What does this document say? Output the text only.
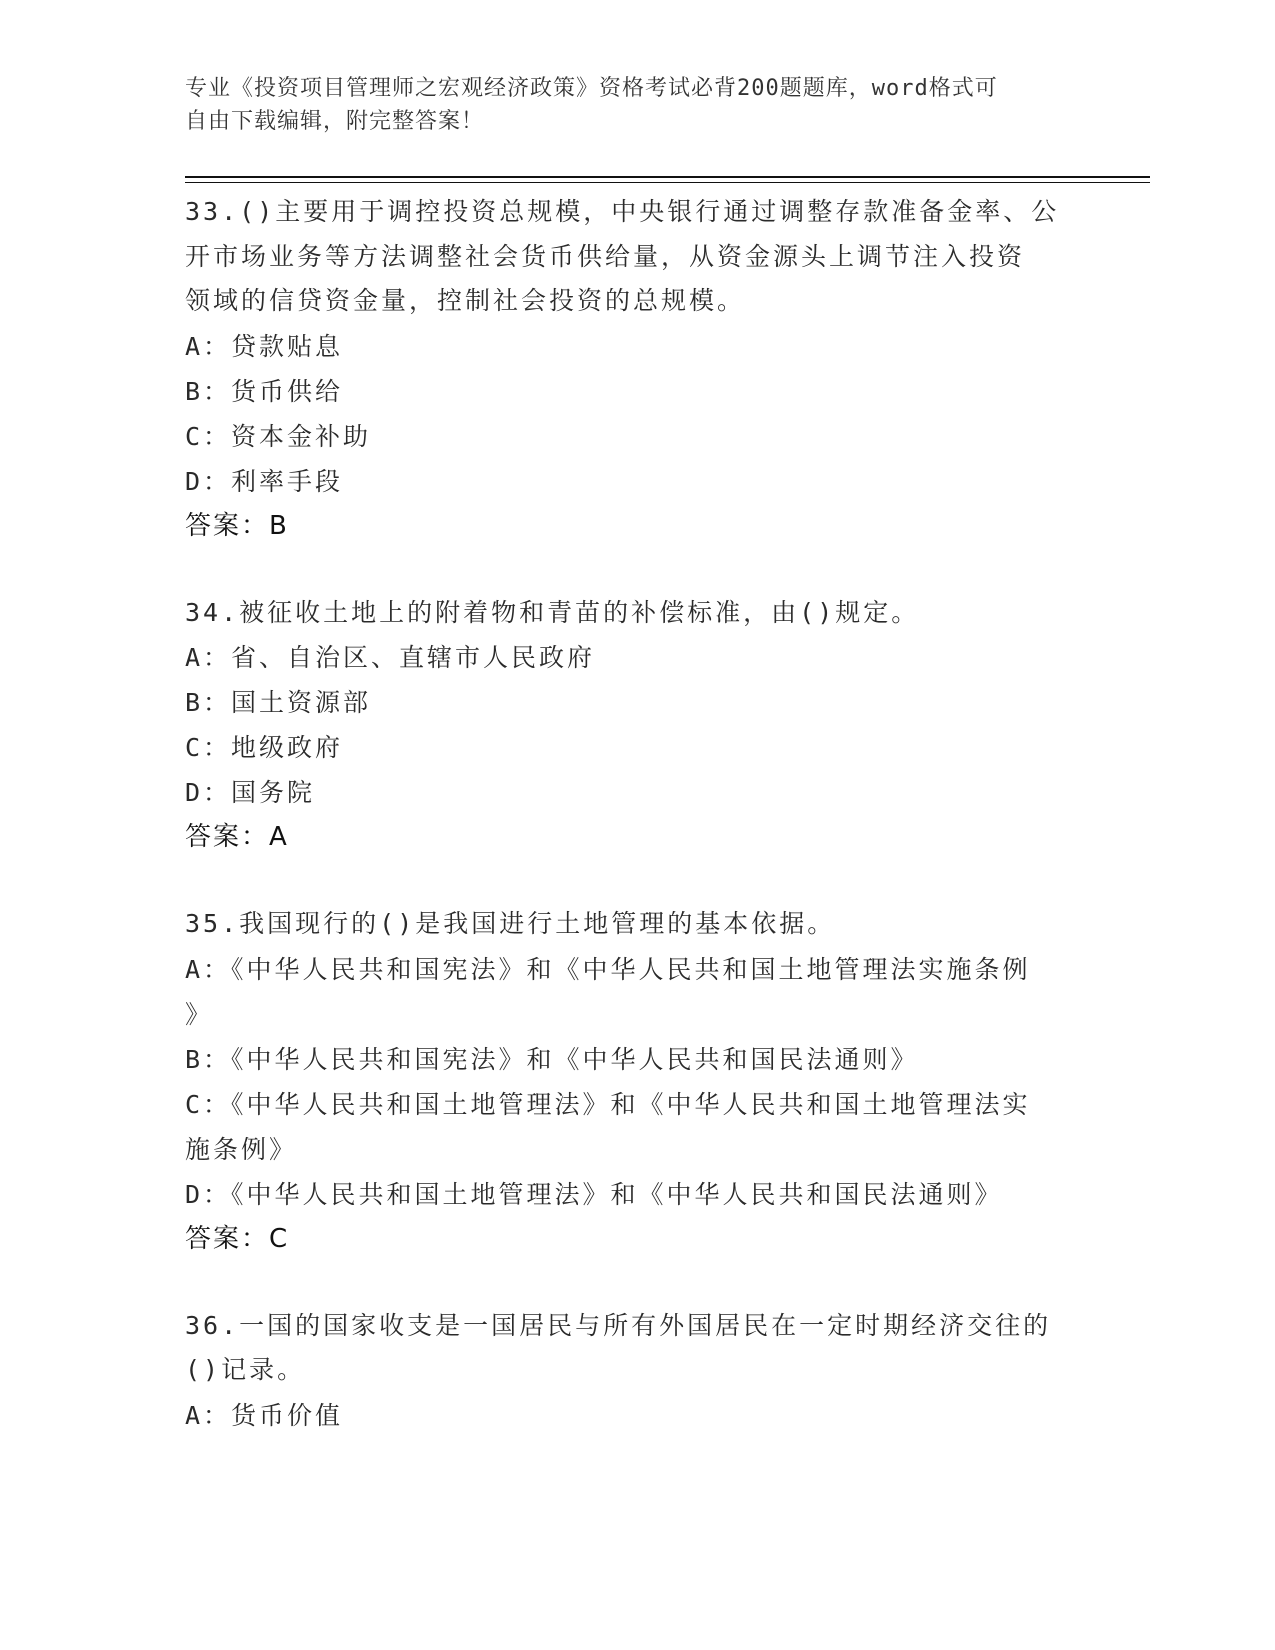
专业《投资项目管理师之宏观经济政策》资格考试必背200题题库，word格式可
自由下载编辑，附完整答案！
33.()主要用于调控投资总规模，中央银行通过调整存款准备金率、公
开市场业务等方法调整社会货币供给量，从资金源头上调节注入投资
领域的信贷资金量，控制社会投资的总规模。
A：贷款贴息
B：货币供给
C：资本金补助
D：利率手段
答案：B
34.被征收土地上的附着物和青苗的补偿标准，由()规定。
A：省、自治区、直辖市人民政府
B：国土资源部
C：地级政府
D：国务院
答案：A
35.我国现行的()是我国进行土地管理的基本依据。
A：《中华人民共和国宪法》和《中华人民共和国土地管理法实施条例
》
B：《中华人民共和国宪法》和《中华人民共和国民法通则》
C：《中华人民共和国土地管理法》和《中华人民共和国土地管理法实
施条例》
D：《中华人民共和国土地管理法》和《中华人民共和国民法通则》
答案：C
36.一国的国家收支是一国居民与所有外国居民在一定时期经济交往的
()记录。
A：货币价值
